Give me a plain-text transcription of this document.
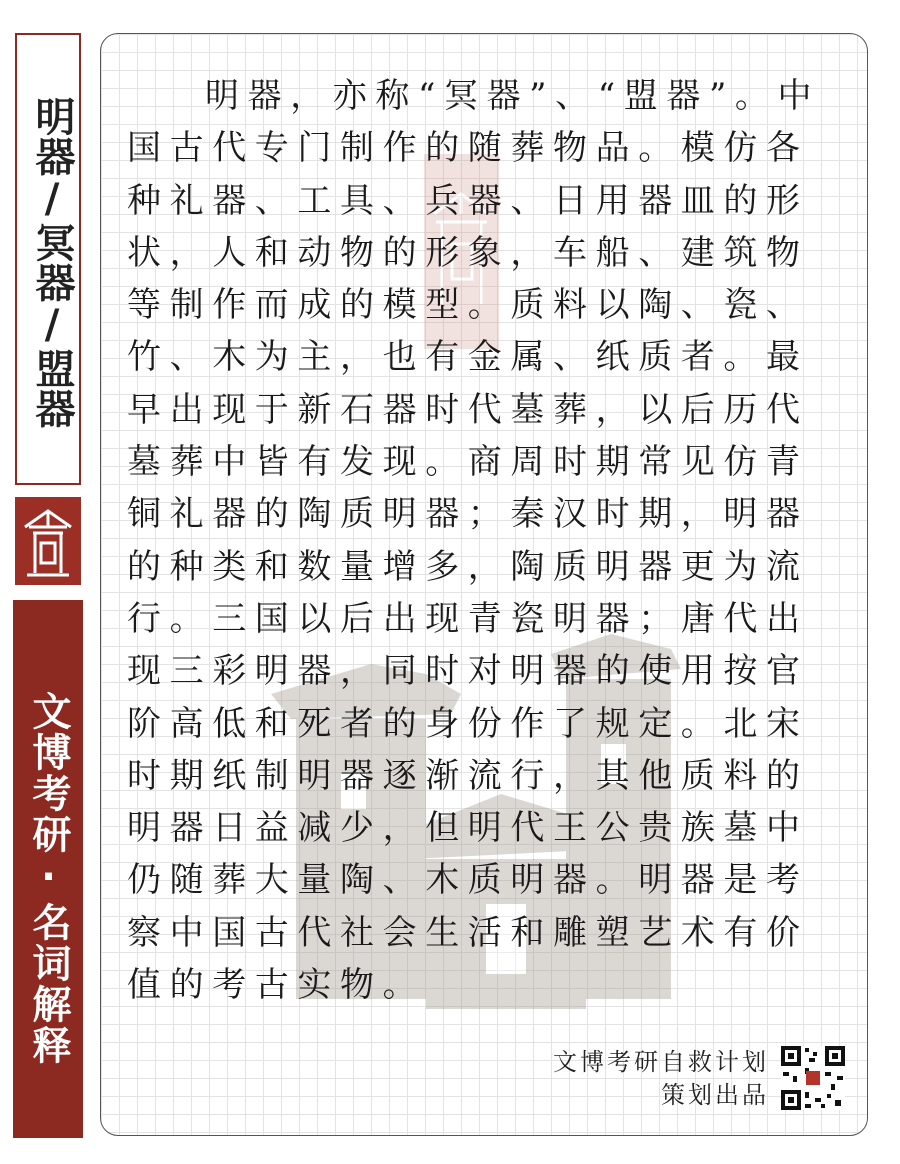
明器/冥器/盟器
文博考研·名词解释

明器，亦称“冥器”、“盟器”。中国古代专门制作的随葬物品。模仿各种礼器、工具、兵器、日用器皿的形状，人和动物的形象，车船、建筑物等制作而成的模型。质料以陶、瓷、竹、木为主，也有金属、纸质者。最早出现于新石器时代墓葬，以后历代墓葬中皆有发现。商周时期常见仿青铜礼器的陶质明器；秦汉时期，明器的种类和数量增多，陶质明器更为流行。三国以后出现青瓷明器；唐代出现三彩明器，同时对明器的使用按官阶高低和死者的身份作了规定。北宋时期纸制明器逐渐流行，其他质料的明器日益减少，但明代王公贵族墓中仍随葬大量陶、木质明器。明器是考察中国古代社会生活和雕塑艺术有价值的考古实物。

文博考研自救计划
策划出品
